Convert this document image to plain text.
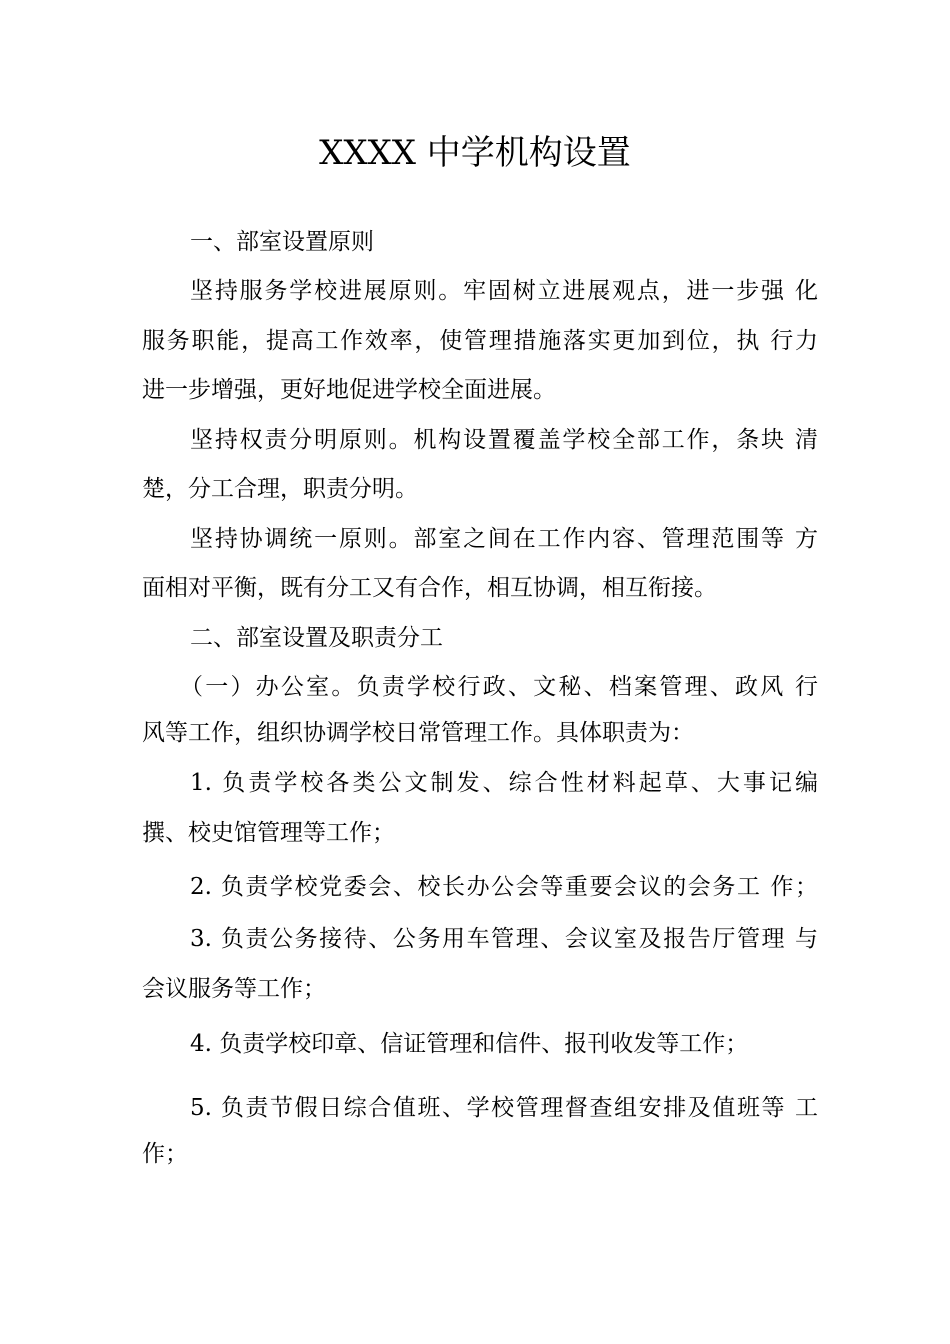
XXXX 中学机构设置
一、部室设置原则
坚持服务学校进展原则。牢固树立进展观点，进一步强 化
服务职能，提高工作效率，使管理措施落实更加到位，执 行力
进一步增强，更好地促进学校全面进展。
坚持权责分明原则。机构设置覆盖学校全部工作，条块 清
楚，分工合理，职责分明。
坚持协调统一原则。部室之间在工作内容、管理范围等 方
面相对平衡，既有分工又有合作，相互协调，相互衔接。
二、部室设置及职责分工
（一）办公室。负责学校行政、文秘、档案管理、政风 行
风等工作，组织协调学校日常管理工作。具体职责为：
1. 负责学校各类公文制发、综合性材料起草、大事记编
撰、校史馆管理等工作；
2. 负责学校党委会、校长办公会等重要会议的会务工 作；
3. 负责公务接待、公务用车管理、会议室及报告厅管理 与
会议服务等工作；
4. 负责学校印章、信证管理和信件、报刊收发等工作；
5. 负责节假日综合值班、学校管理督查组安排及值班等 工
作；
